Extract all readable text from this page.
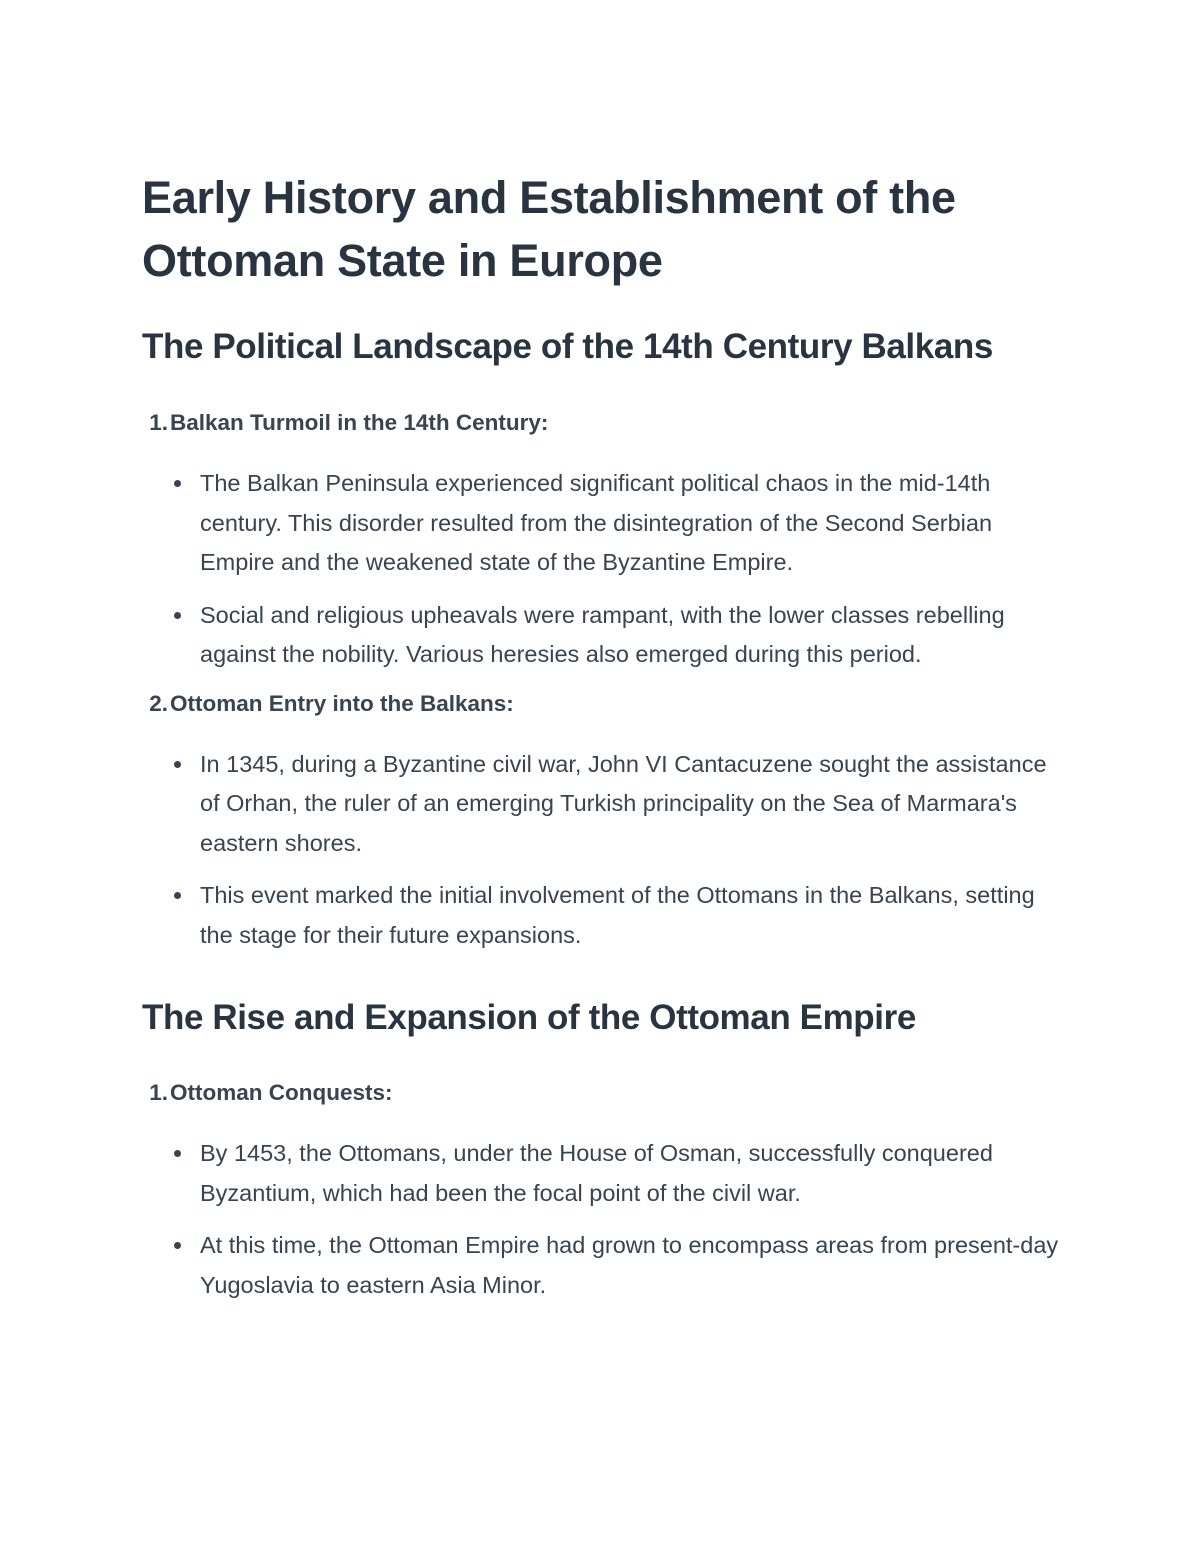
Early History and Establishment of the Ottoman State in Europe
The Political Landscape of the 14th Century Balkans
1. Balkan Turmoil in the 14th Century:
The Balkan Peninsula experienced significant political chaos in the mid-14th century. This disorder resulted from the disintegration of the Second Serbian Empire and the weakened state of the Byzantine Empire.
Social and religious upheavals were rampant, with the lower classes rebelling against the nobility. Various heresies also emerged during this period.
2. Ottoman Entry into the Balkans:
In 1345, during a Byzantine civil war, John VI Cantacuzene sought the assistance of Orhan, the ruler of an emerging Turkish principality on the Sea of Marmara's eastern shores.
This event marked the initial involvement of the Ottomans in the Balkans, setting the stage for their future expansions.
The Rise and Expansion of the Ottoman Empire
1. Ottoman Conquests:
By 1453, the Ottomans, under the House of Osman, successfully conquered Byzantium, which had been the focal point of the civil war.
At this time, the Ottoman Empire had grown to encompass areas from present-day Yugoslavia to eastern Asia Minor.
